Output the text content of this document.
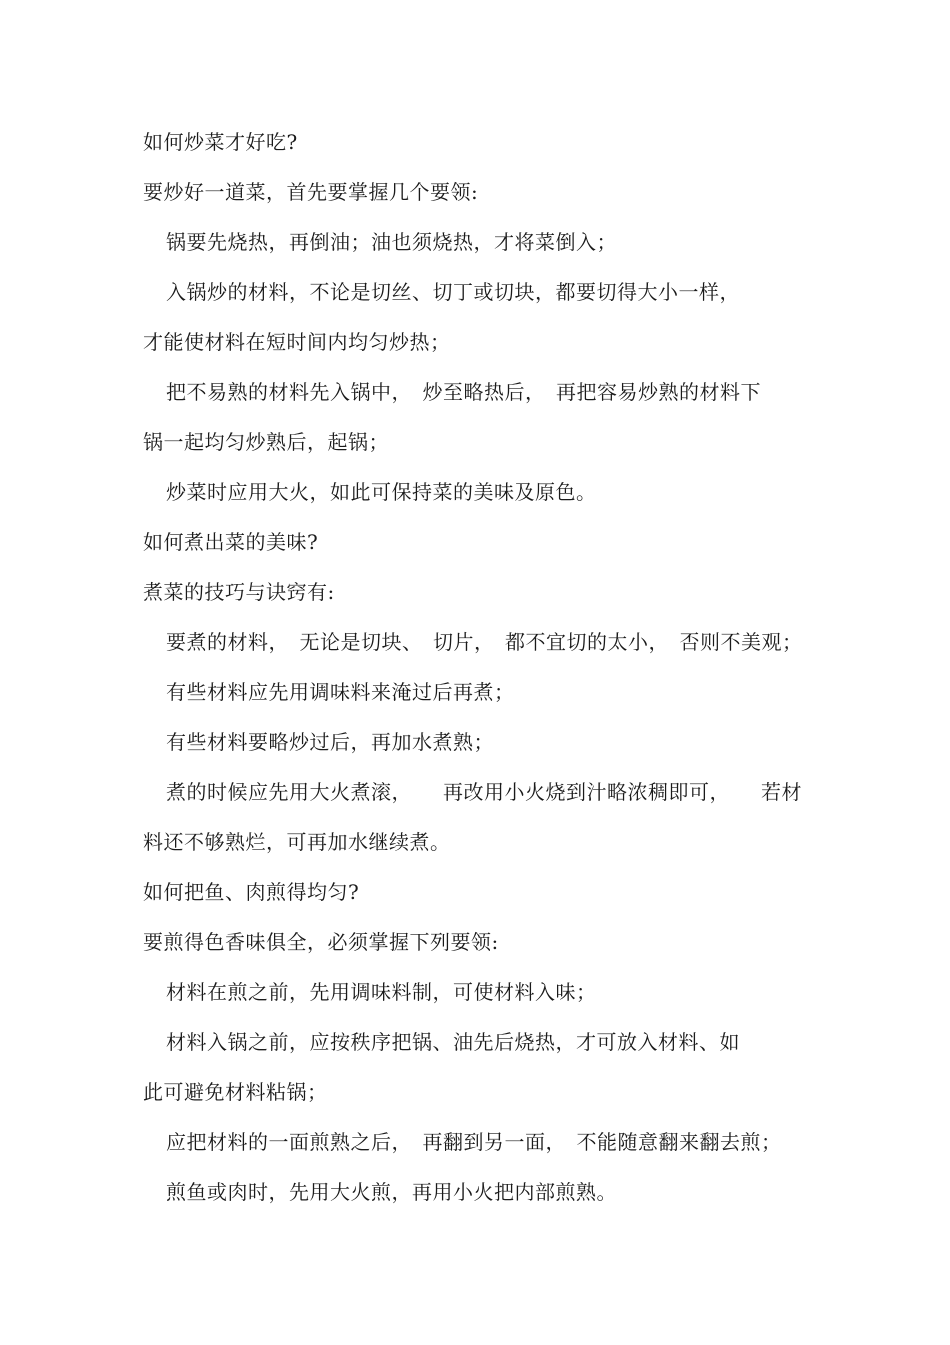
如何炒菜才好吃?
要炒好一道菜，首先要掌握几个要领:
锅要先烧热，再倒油；油也须烧热，才将菜倒入；
入锅炒的材料，不论是切丝、切丁或切块，都要切得大小一样，
才能使材料在短时间内均匀炒热；
把不易熟的材料先入锅中，　炒至略热后，　再把容易炒熟的材料下
锅一起均匀炒熟后，起锅；
炒菜时应用大火，如此可保持菜的美味及原色。
如何煮出菜的美味?
煮菜的技巧与诀窍有:
要煮的材料，　无论是切块、　切片，　都不宜切的太小，　否则不美观；
有些材料应先用调味料来淹过后再煮；
有些材料要略炒过后，再加水煮熟；
煮的时候应先用大火煮滚，　　再改用小火烧到汁略浓稠即可，　　若材
料还不够熟烂，可再加水继续煮。
如何把鱼、肉煎得均匀?
要煎得色香味俱全，必须掌握下列要领:
材料在煎之前，先用调味料制，可使材料入味；
材料入锅之前，应按秩序把锅、油先后烧热，才可放入材料、如
此可避免材料粘锅；
应把材料的一面煎熟之后，　再翻到另一面，　不能随意翻来翻去煎；
煎鱼或肉时，先用大火煎，再用小火把内部煎熟。
